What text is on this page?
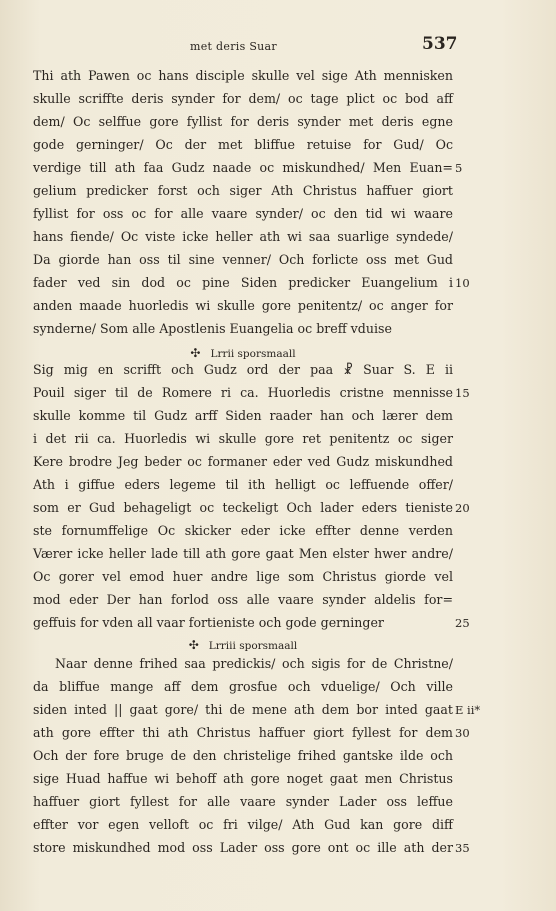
met deris Suar	537
Thi ath Pawen oc hans disciple skulle vel sige Ath mennisken
skulle scriffte deris synder for dem/ oc tage plict oc bod aff
dem/ Oc selffue gore fyllist for deris synder met deris egne
gode gerninger/ Oc der met bliffue retuise for Gud/ Oc
verdige till ath faa Gudz naade oc miskundhed/ Men Euan= 5
gelium predicker forst och siger Ath Christus haffuer giort
fyllist for oss oc for alle vaare synder/ oc den tid wi waare
hans fiende/ Oc viste icke heller ath wi saa suarlige syndede/
Da giorde han oss til sine venner/ Och forlicte oss met Gud
fader ved sin dod oc pine Siden predicker Euangelium i 10
anden maade huorledis wi skulle gore penitentz/ oc anger for
synderne/ Som alle Apostlenis Euangelia oc breff vduise
✣ Lrrii sporsmaall
Sig mig en scrifft och Gudz ord der paa ☧ Suar S. E ii
Pouil siger til de Romere ri ca. Huorledis cristne mennisse 15
skulle komme til Gudz arff Siden raader han och lærer dem
i det rii ca. Huorledis wi skulle gore ret penitentz oc siger
Kere brodre Jeg beder oc formaner eder ved Gudz miskundhed
Ath i giffue eders legeme til ith helligt oc leffuende offer/
som er Gud behageligt oc teckeligt Och lader eders tieniste 20
ste fornumffelige Oc skicker eder icke effter denne verden
Værer icke heller lade till ath gore gaat Men elster hwer andre/
Oc gorer vel emod huer andre lige som Christus giorde vel
mod eder Der han forlod oss alle vaare synder aldelis for=
geffuis for vden all vaar fortieniste och gode gerninger	25
✣ Lrriii sporsmaall
Naar denne frihed saa predickis/ och sigis for de Christne/
da bliffue mange aff dem grosfue och vduelige/ Och ville
siden inted || gaat gore/ thi de mene ath dem bor inted gaat E ii*
ath gore effter thi ath Christus haffuer giort fyllest for dem 30
Och der fore bruge de den christelige frihed gantske ilde och
sige Huad haffue wi behoff ath gore noget gaat men Christus
haffuer giort fyllest for alle vaare synder Lader oss leffue
effter vor egen velloft oc fri vilge/ Ath Gud kan gore diff
store miskundhed mod oss Lader oss gore ont oc ille ath der 35
